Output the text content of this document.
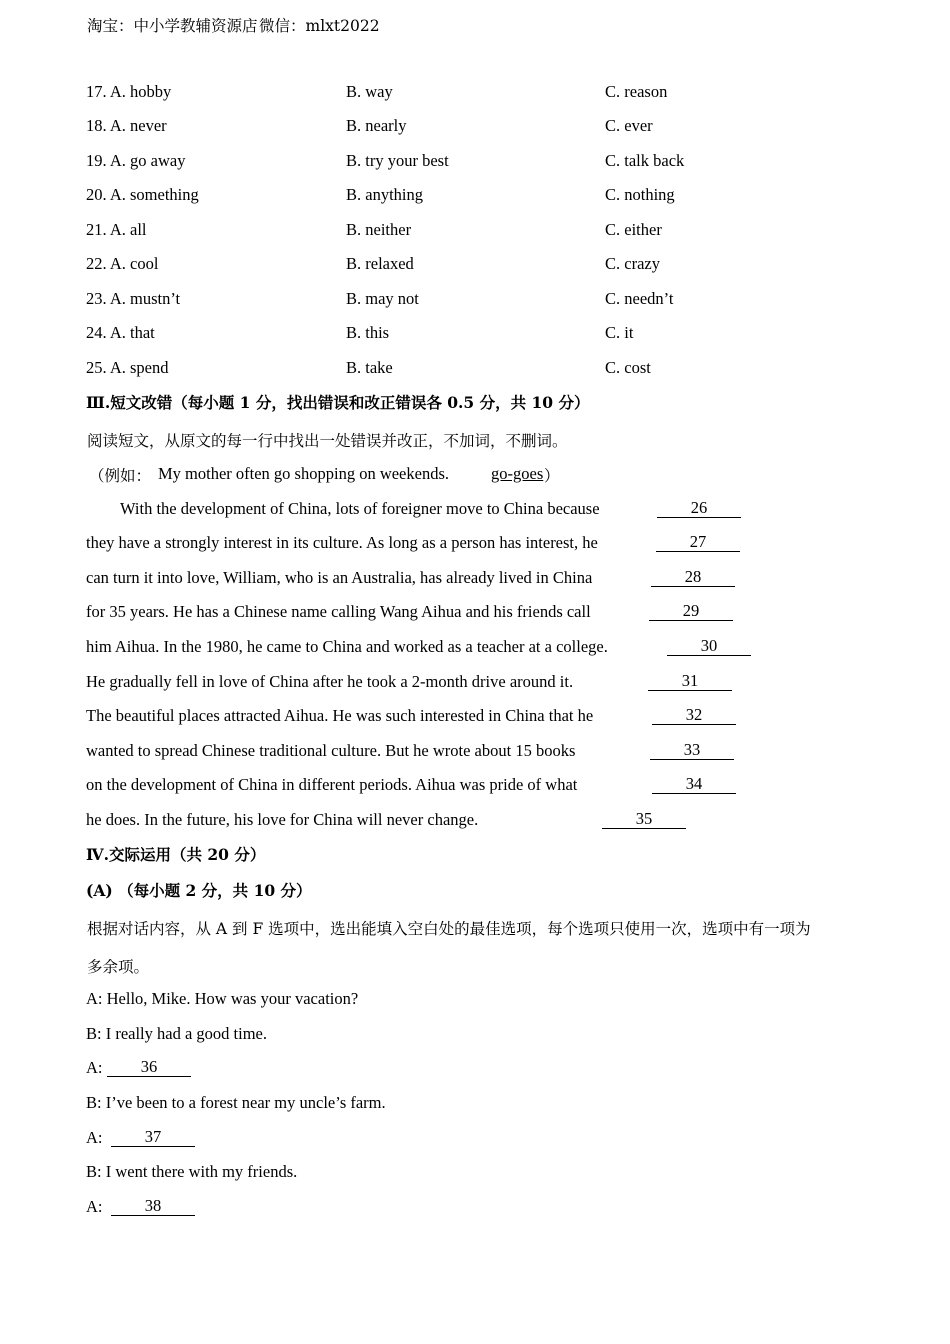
淘宝：中小学教辅资源店 微信：mlxt2022
17. A. hobby	B. way	C. reason
18. A. never	B. nearly	C. ever
19. A. go away	B. try your best	C. talk back
20. A. something	B. anything	C. nothing
21. A. all	B. neither	C. either
22. A. cool	B. relaxed	C. crazy
23. A. mustn’t	B. may not	C. needn’t
24. A. that	B. this	C. it
25. A. spend	B. take	C. cost
Ⅲ.短文改错（每小题 1 分，找出错误和改正错误各 0.5 分，共 10 分）
阅读短文，从原文的每一行中找出一处错误并改正，不加词，不删词。
（例如： My mother often go shopping on weekends.	go-goes ）
With the development of China, lots of foreigner move to China because	26
they have a strongly interest in its culture. As long as a person has interest, he	27
can turn it into love, William, who is an Australia, has already lived in China	28
for 35 years. He has a Chinese name calling Wang Aihua and his friends call	29
him Aihua. In the 1980, he came to China and worked as a teacher at a college.	30
He gradually fell in love of China after he took a 2-month drive around it.	31
The beautiful places attracted Aihua. He was such interested in China that he	32
wanted to spread Chinese traditional culture. But he wrote about 15 books	33
on the development of China in different periods. Aihua was pride of what	34
he does. In the future, his love for China will never change.	35
Ⅳ.交际运用（共 20 分）
(A) （每小题 2 分，共 10 分）
根据对话内容，从 A 到 F 选项中，选出能填入空白处的最佳选项，每个选项只使用一次，选项中有一项为
多余项。
A: Hello, Mike. How was your vacation?
B: I really had a good time.
A:	36
B: I’ve been to a forest near my uncle’s farm.
A:	37
B: I went there with my friends.
A:	38
